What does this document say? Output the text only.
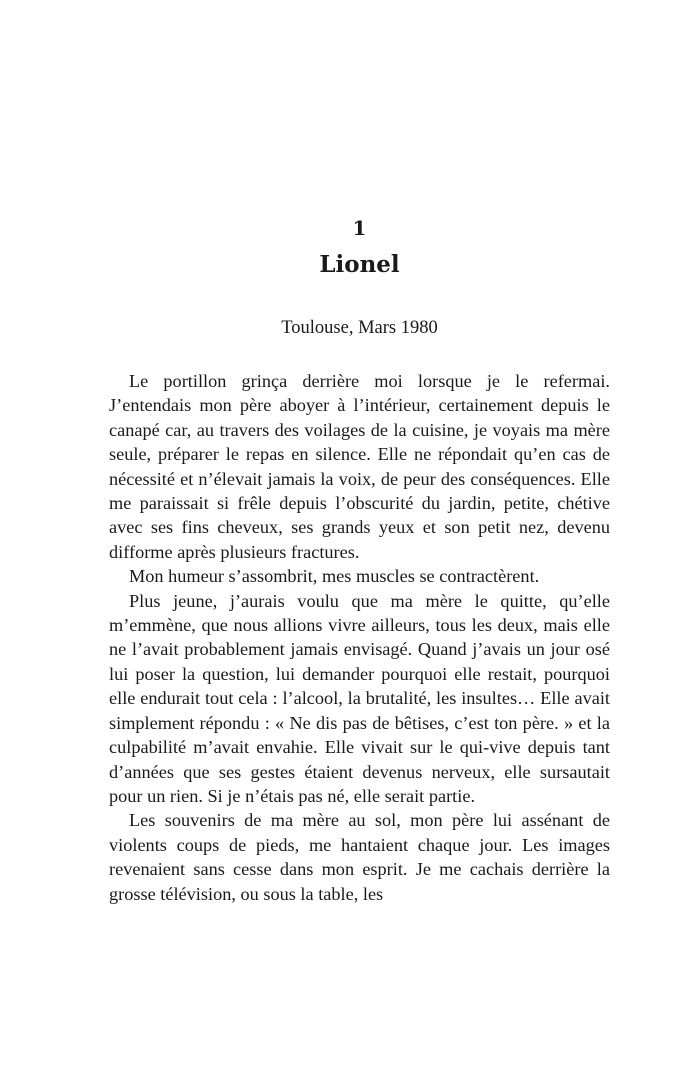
1
Lionel
Toulouse, Mars 1980

Le portillon grinça derrière moi lorsque je le refermai. J’entendais mon père aboyer à l’intérieur, certainement depuis le canapé car, au travers des voilages de la cuisine, je voyais ma mère seule, préparer le repas en silence. Elle ne répondait qu’en cas de nécessité et n’élevait jamais la voix, de peur des conséquences. Elle me paraissait si frêle depuis l’obscurité du jardin, petite, chétive avec ses fins cheveux, ses grands yeux et son petit nez, devenu difforme après plusieurs fractures.

Mon humeur s’assombrit, mes muscles se contractèrent.

Plus jeune, j’aurais voulu que ma mère le quitte, qu’elle m’emmène, que nous allions vivre ailleurs, tous les deux, mais elle ne l’avait probablement jamais envisagé. Quand j’avais un jour osé lui poser la question, lui demander pourquoi elle restait, pourquoi elle endurait tout cela : l’alcool, la brutalité, les insultes… Elle avait simplement répondu : « Ne dis pas de bêtises, c’est ton père. » et la culpabilité m’avait envahie. Elle vivait sur le qui-vive depuis tant d’années que ses gestes étaient devenus nerveux, elle sursautait pour un rien. Si je n’étais pas né, elle serait partie.

Les souvenirs de ma mère au sol, mon père lui assénant de violents coups de pieds, me hantaient chaque jour. Les images revenaient sans cesse dans mon esprit. Je me cachais derrière la grosse télévision, ou sous la table, les
